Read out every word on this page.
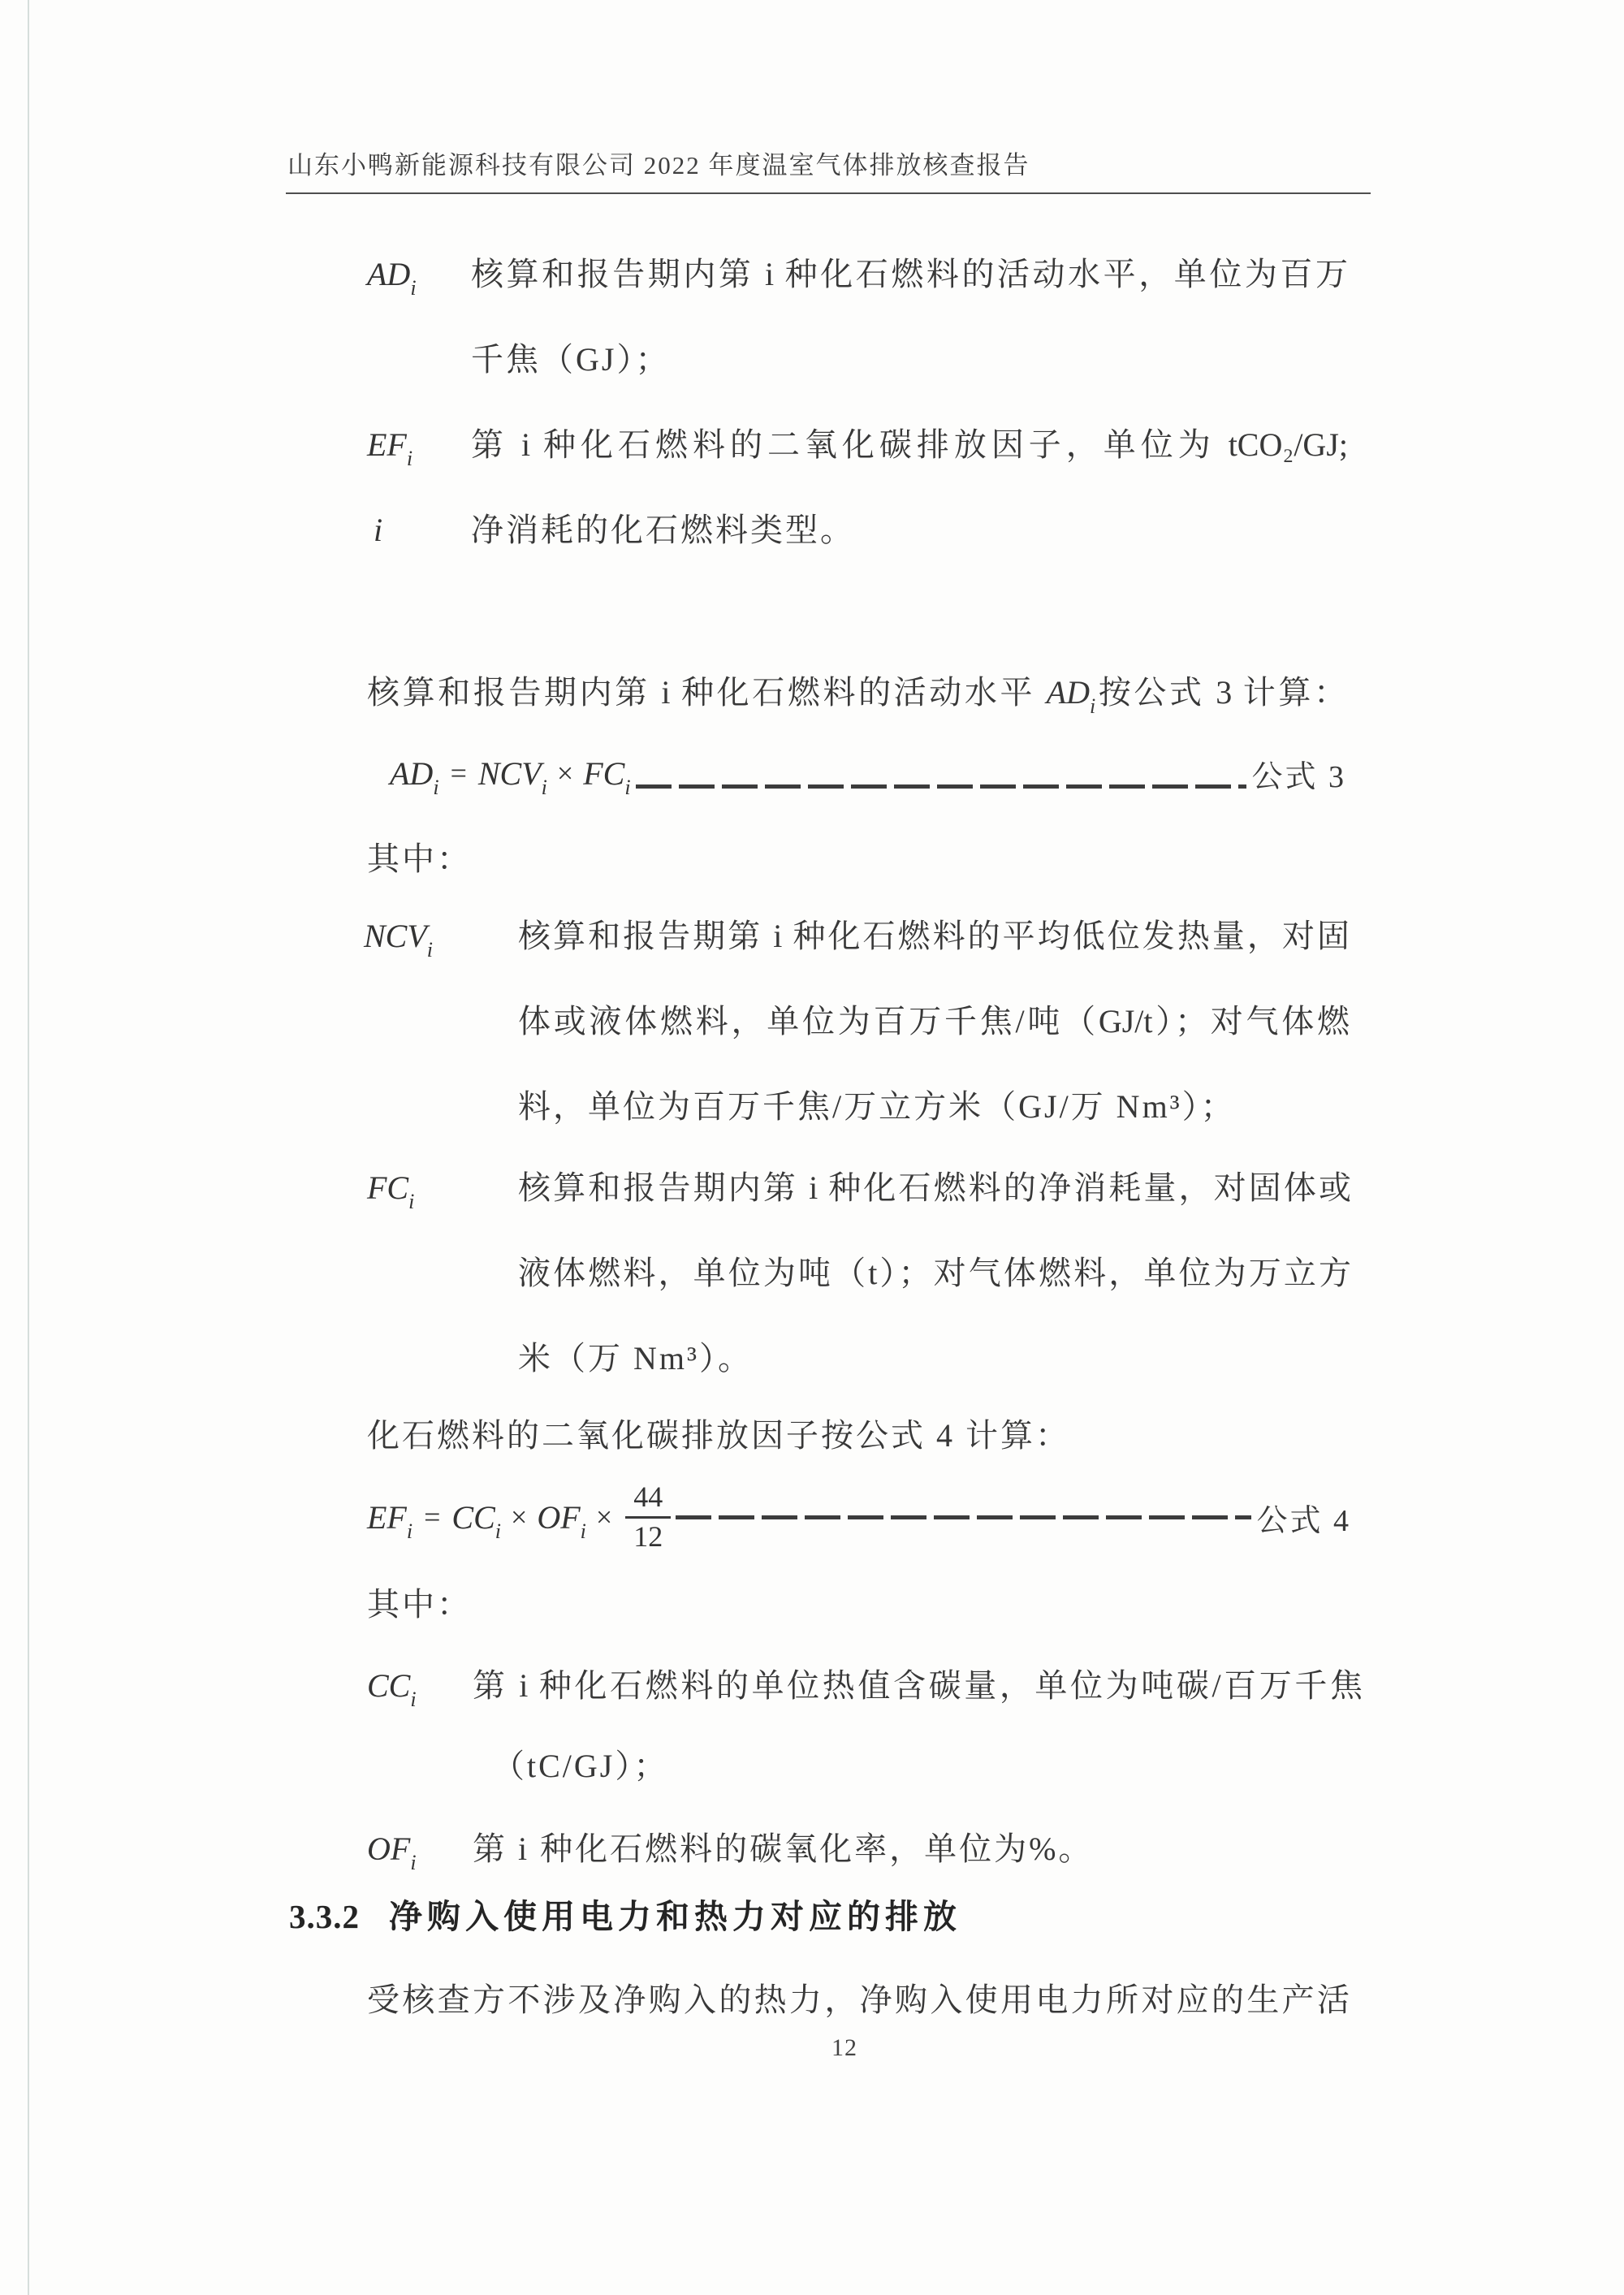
山东小鸭新能源科技有限公司 2022 年度温室气体排放核查报告
$AD_i$ 核算和报告期内第 i 种化石燃料的活动水平，单位为百万
千焦（GJ）；
$EF_i$ 第 i 种化石燃料的二氧化碳排放因子，单位为 tCO₂/GJ;
i	净消耗的化石燃料类型。
核算和报告期内第 i 种化石燃料的活动水平 $AD_i$按公式 3 计算：
$AD_i = NCV_i \times FC_i$	公式 3
其中：
$NCV_i$	核算和报告期第 i 种化石燃料的平均低位发热量，对固
体或液体燃料，单位为百万千焦/吨（GJ/t）；对气体燃
料，单位为百万千焦/万立方米（GJ/万 Nm³）；
$FC_i$	核算和报告期内第 i 种化石燃料的净消耗量，对固体或
液体燃料，单位为吨（t）；对气体燃料，单位为万立方
米（万 Nm³）。
化石燃料的二氧化碳排放因子按公式 4 计算：
$EF_i = CC_i \times OF_i \times \frac{44}{12}$	公式 4
其中：
$CC_i$ 第 i 种化石燃料的单位热值含碳量，单位为吨碳/百万千焦
（tC/GJ）；
$OF_i$ 第 i 种化石燃料的碳氧化率，单位为%。
3.3.2 净购入使用电力和热力对应的排放
受核查方不涉及净购入的热力，净购入使用电力所对应的生产活
12
